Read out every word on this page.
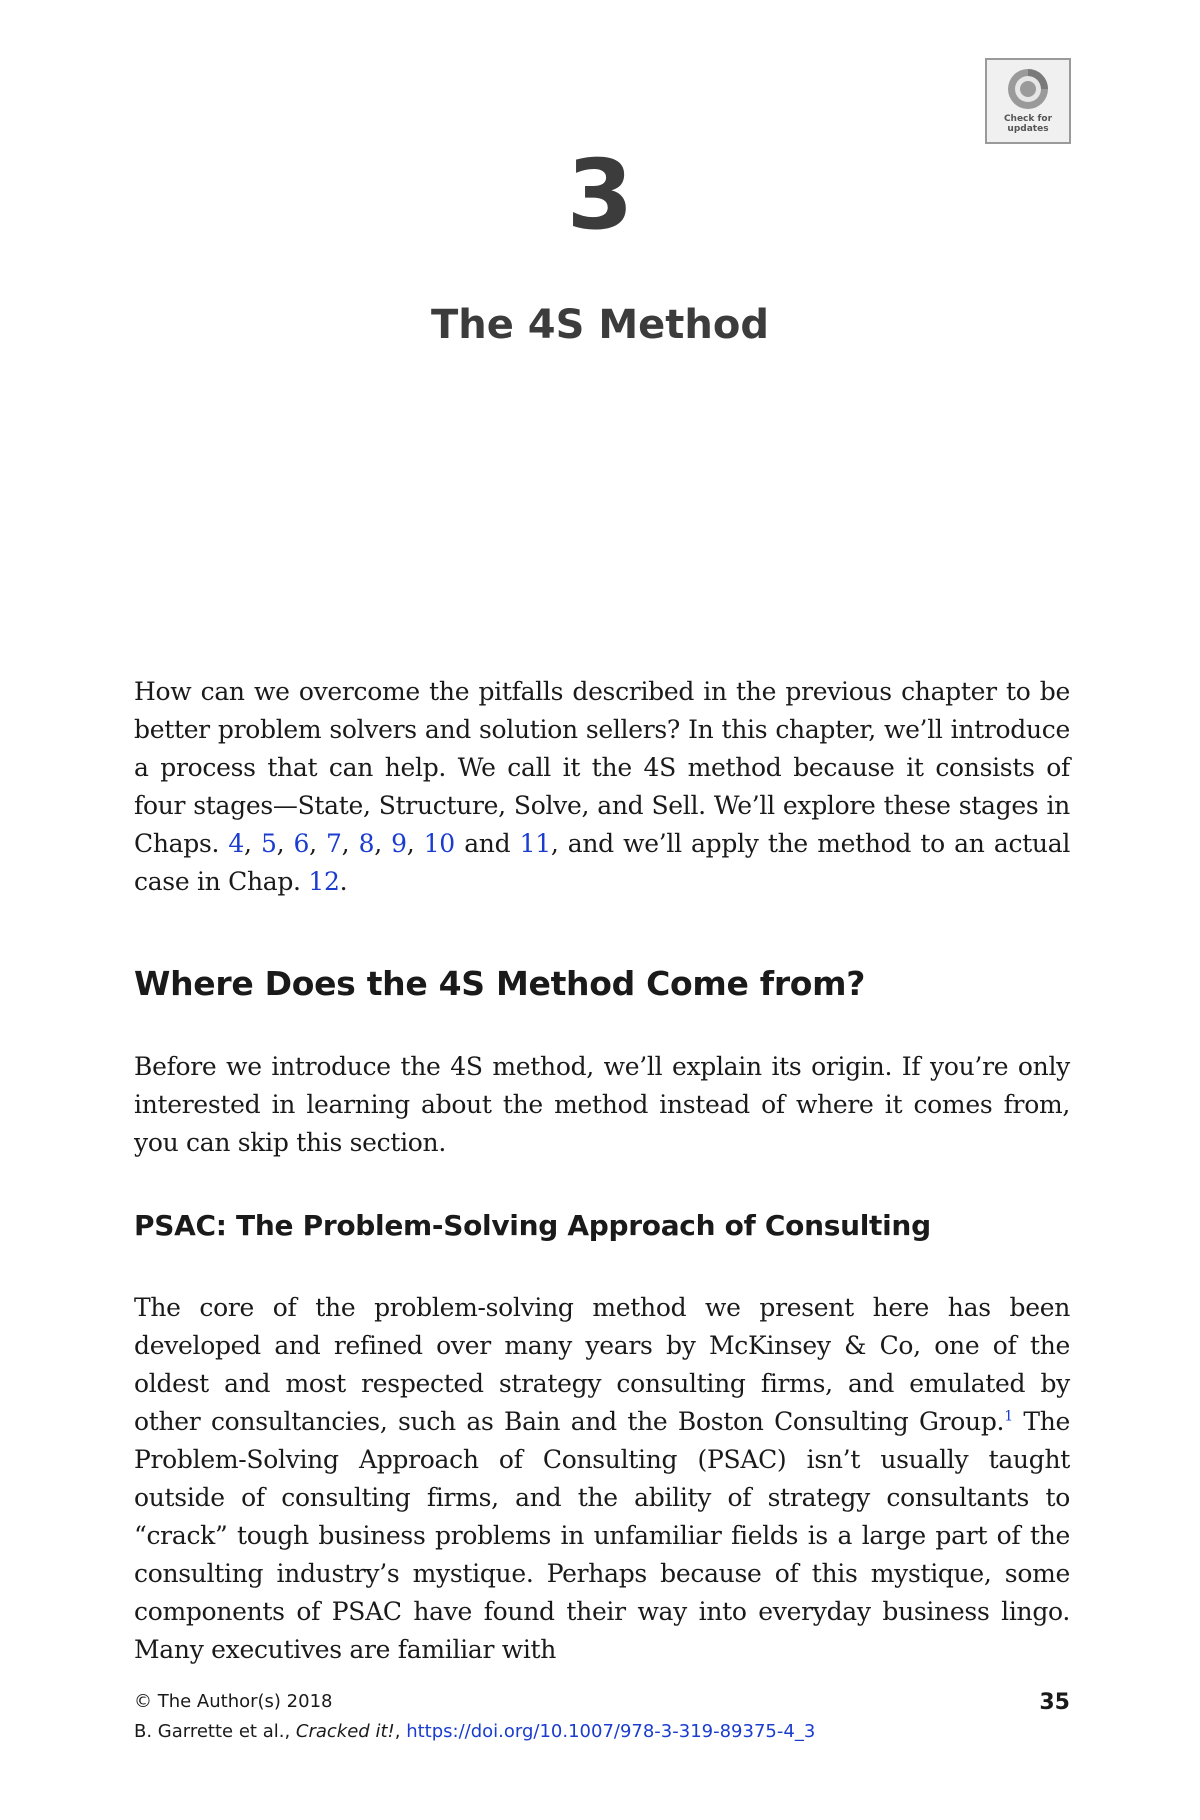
Check for updates
3
The 4S Method

How can we overcome the pitfalls described in the previous chapter to be better problem solvers and solution sellers? In this chapter, we’ll introduce a process that can help. We call it the 4S method because it consists of four stages—State, Structure, Solve, and Sell. We’ll explore these stages in Chaps. 4, 5, 6, 7, 8, 9, 10 and 11, and we’ll apply the method to an actual case in Chap. 12.

Where Does the 4S Method Come from?

Before we introduce the 4S method, we’ll explain its origin. If you’re only interested in learning about the method instead of where it comes from, you can skip this section.

PSAC: The Problem-Solving Approach of Consulting

The core of the problem-solving method we present here has been developed and refined over many years by McKinsey & Co, one of the oldest and most respected strategy consulting firms, and emulated by other consultancies, such as Bain and the Boston Consulting Group.$^1$ The Problem-Solving Approach of Consulting (PSAC) isn’t usually taught outside of consulting firms, and the ability of strategy consultants to “crack” tough business problems in unfamiliar fields is a large part of the consulting industry’s mystique. Perhaps because of this mystique, some components of PSAC have found their way into everyday business lingo. Many executives are familiar with

© The Author(s) 2018
B. Garrette et al., Cracked it!, https://doi.org/10.1007/978-3-319-89375-4_3
35
